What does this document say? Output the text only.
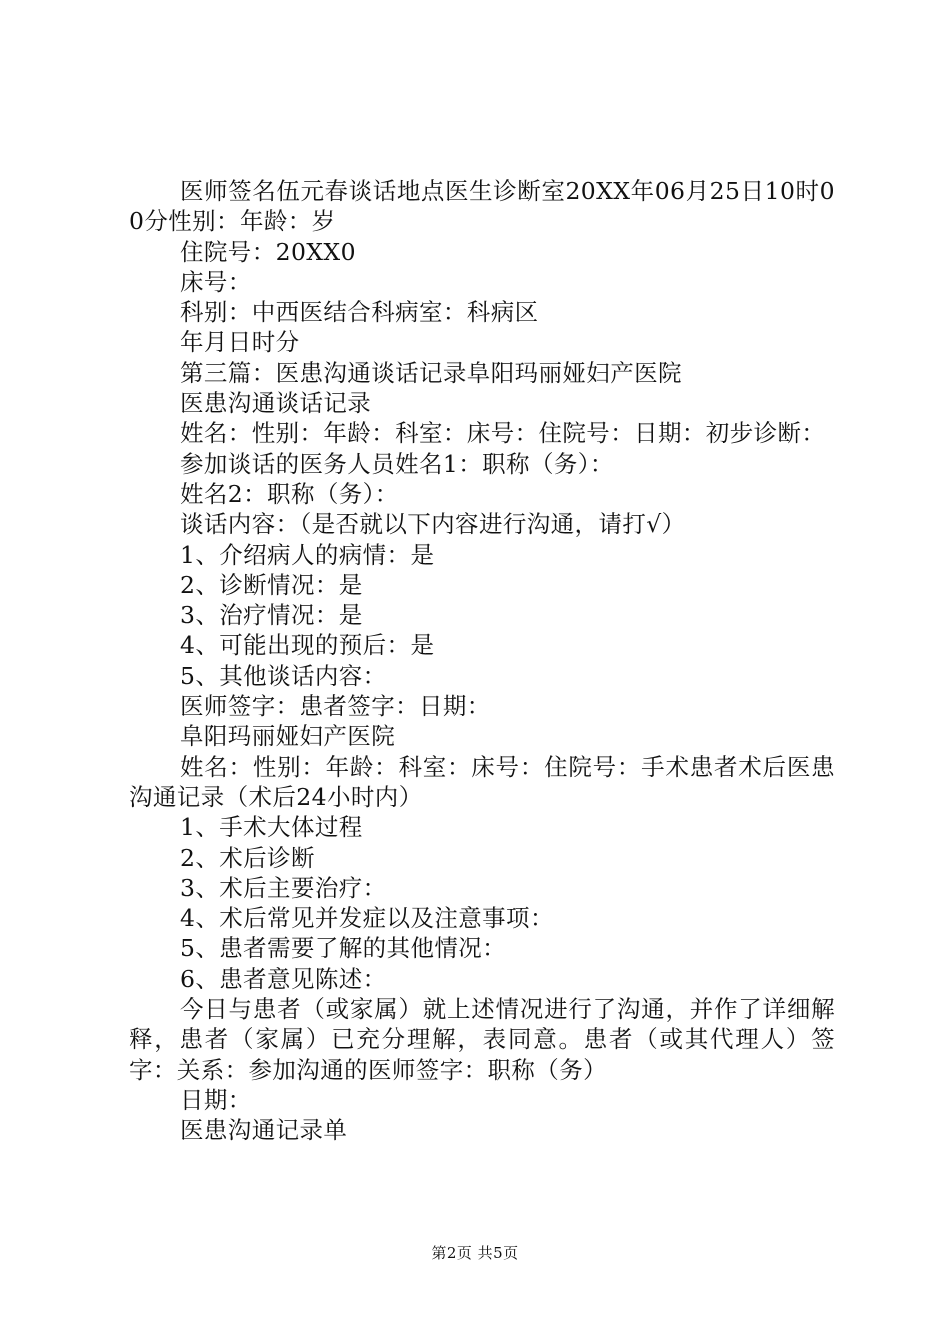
医师签名伍元春谈话地点医生诊断室20XX年06月25日10时00分性别：年龄：岁

住院号：20XX0

床号：

科别：中西医结合科病室：科病区

年月日时分

第三篇：医患沟通谈话记录阜阳玛丽娅妇产医院

医患沟通谈话记录

姓名：性别：年龄：科室：床号：住院号：日期：初步诊断：

参加谈话的医务人员姓名1：职称（务）：

姓名2：职称（务）：

谈话内容：（是否就以下内容进行沟通，请打√）

1、介绍病人的病情：是

2、诊断情况：是

3、治疗情况：是

4、可能出现的预后：是

5、其他谈话内容：

医师签字：患者签字：日期：

阜阳玛丽娅妇产医院

姓名：性别：年龄：科室：床号：住院号：手术患者术后医患沟通记录（术后24小时内）

1、手术大体过程

2、术后诊断

3、术后主要治疗：

4、术后常见并发症以及注意事项：

5、患者需要了解的其他情况：

6、患者意见陈述：

今日与患者（或家属）就上述情况进行了沟通，并作了详细解释，患者（家属）已充分理解，表同意。患者（或其代理人）签字：关系：参加沟通的医师签字：职称（务）

日期：

医患沟通记录单

第2页 共5页
